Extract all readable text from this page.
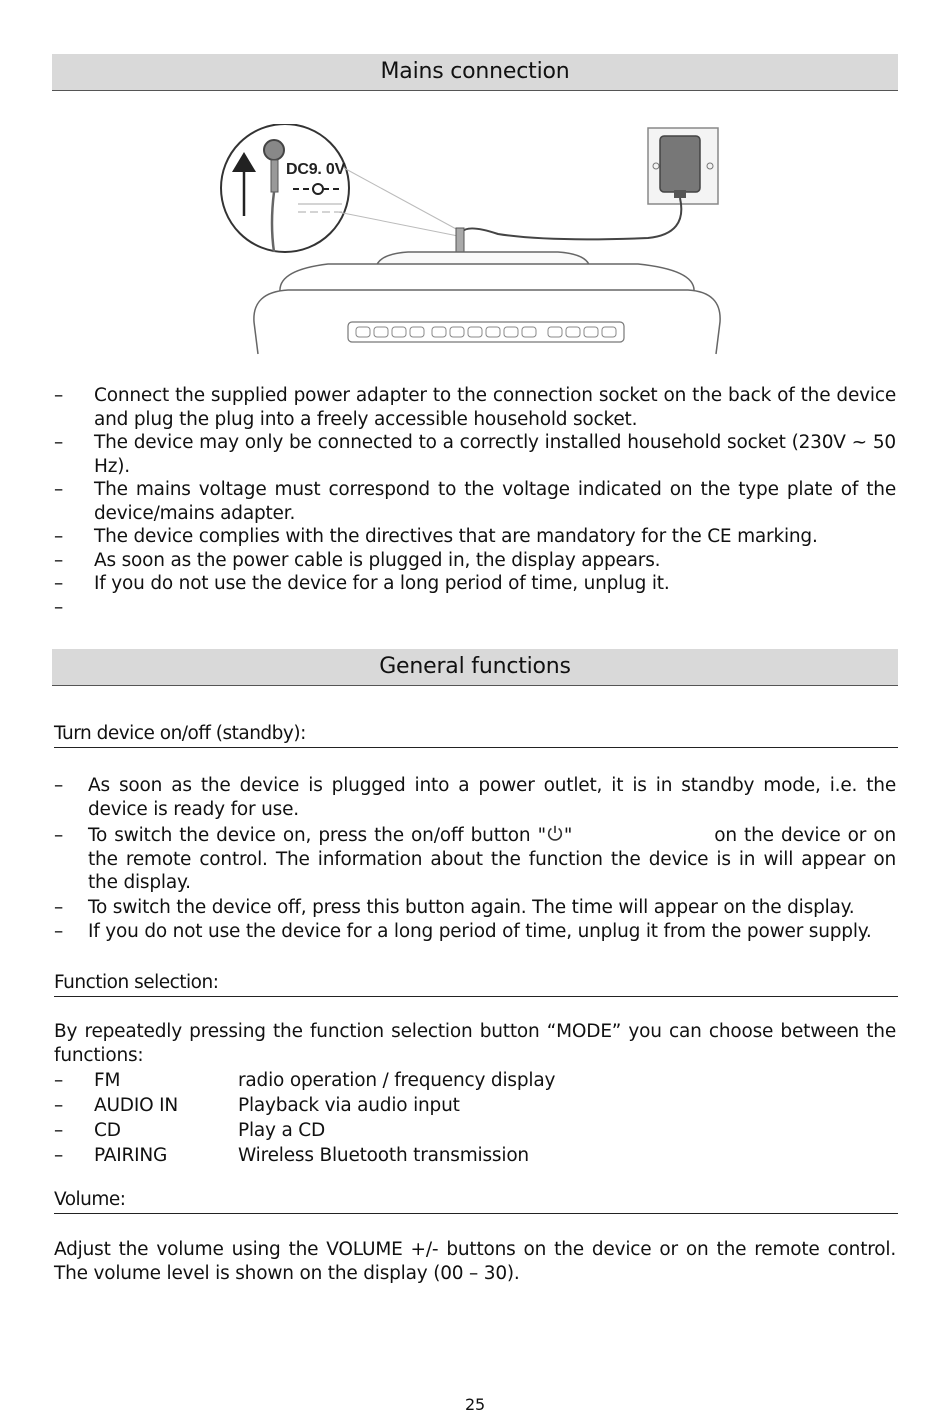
Mains connection
DC9. 0V
– Connect the supplied power adapter to the connection socket on the back of the device and plug the plug into a freely accessible household socket.
– The device may only be connected to a correctly installed household socket (230V ~ 50 Hz).
– The mains voltage must correspond to the voltage indicated on the type plate of the device/mains adapter.
– The device complies with the directives that are mandatory for the CE marking.
– As soon as the power cable is plugged in, the display appears.
– If you do not use the device for a long period of time, unplug it.
–
General functions
Turn device on/off (standby):
– As soon as the device is plugged into a power outlet, it is in standby mode, i.e. the device is ready for use.
– To switch the device on, press the on/off button " "	on the device or on the remote control. The information about the function the device is in will appear on the display.
– To switch the device off, press this button again. The time will appear on the display.
– If you do not use the device for a long period of time, unplug it from the power supply.
Function selection:

By repeatedly pressing the function selection button “MODE” you can choose between the functions:

– FM	radio operation / frequency display
– AUDIO IN	Playback via audio input
– CD	Play a CD
– PAIRING	Wireless Bluetooth transmission
Volume:

Adjust the volume using the VOLUME +/- buttons on the device or on the remote control. The volume level is shown on the display (00 – 30).

25
